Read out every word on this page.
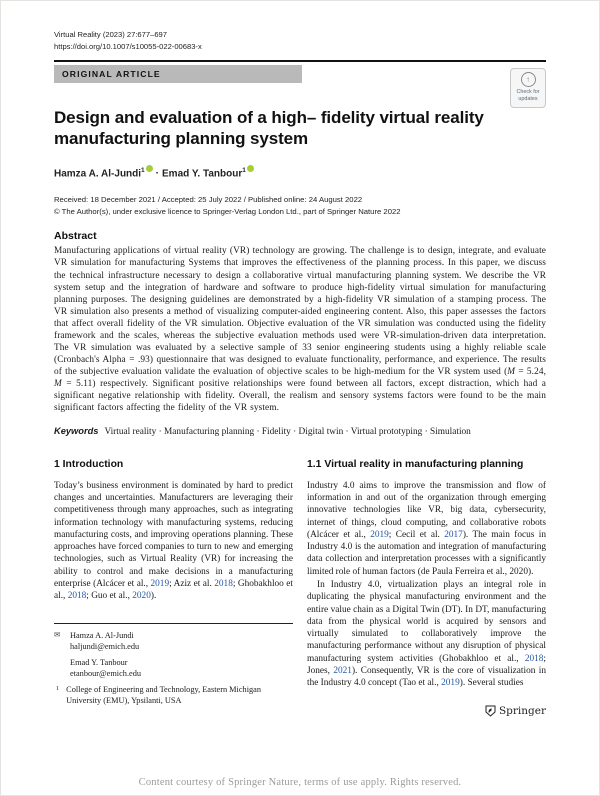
Virtual Reality (2023) 27:677–697
https://doi.org/10.1007/s10055-022-00683-x
ORIGINAL ARTICLE
↑
Check for
updates
Design and evaluation of a high– fidelity virtual reality manufacturing planning system
Hamza A. Al-Jundi$^1$ · Emad Y. Tanbour$^1$
Received: 18 December 2021 / Accepted: 25 July 2022 / Published online: 24 August 2022
© The Author(s), under exclusive licence to Springer-Verlag London Ltd., part of Springer Nature 2022
Abstract

Manufacturing applications of virtual reality (VR) technology are growing. The challenge is to design, integrate, and evaluate VR simulation for manufacturing Systems that improves the effectiveness of the planning process. In this paper, we discuss the technical infrastructure necessary to design a collaborative virtual manufacturing planning system. We describe the VR system setup and the integration of hardware and software to produce high-fidelity virtual simulation for manufacturing planning purposes. The designing guidelines are demonstrated by a high-fidelity VR simulation of a stamping process. The VR simulation also presents a method of visualizing computer-aided engineering content. Also, this paper assesses the factors that affect overall fidelity of the VR simulation. Objective evaluation of the VR simulation was conducted using the fidelity framework and the scales, whereas the subjective evaluation methods used were VR-simulation-driven data interpretation. The VR simulation was evaluated by a selective sample of 33 senior engineering students using a highly reliable scale (Cronbach's Alpha = .93) questionnaire that was designed to evaluate functionality, performance, and experience. The results of the subjective evaluation validate the evaluation of objective scales to be high-medium for the VR system used (M = 5.24, M = 5.11) respectively. Significant positive relationships were found between all factors, except distraction, which had a significant negative relationship with fidelity. Overall, the realism and sensory systems factors were found to be the main significant factors affecting the fidelity of the VR system.

Keywords Virtual reality · Manufacturing planning · Fidelity · Digital twin · Virtual prototyping · Simulation

1 Introduction

Today’s business environment is dominated by hard to predict changes and uncertainties. Manufacturers are leveraging their competitiveness through many approaches, such as integrating information technology with manufacturing systems, reducing manufacturing costs, and improving operations planning. These approaches have forced companies to turn to new and emerging technologies, such as Virtual Reality (VR) for increasing the ability to control and make decisions in a manufacturing enterprise (Alcácer et al., 2019; Aziz et al. 2018; Ghobakhloo et al., 2018; Guo et al., 2020).

✉	Hamza A. Al-Jundi
haljundi@emich.edu
Emad Y. Tanbour
etanbour@emich.edu
1 College of Engineering and Technology, Eastern Michigan University (EMU), Ypsilanti, USA
1.1 Virtual reality in manufacturing planning

Industry 4.0 aims to improve the transmission and flow of information in and out of the organization through emerging innovative technologies like VR, big data, cybersecurity, internet of things, cloud computing, and collaborative robots (Alcácer et al., 2019; Cecil et al. 2017). The main focus in Industry 4.0 is the automation and integration of manufacturing data collection and interpretation processes with a significantly limited role of human factors (de Paula Ferreira et al., 2020).

In Industry 4.0, virtualization plays an integral role in duplicating the physical manufacturing environment and the entire value chain as a Digital Twin (DT). In DT, manufacturing data from the physical world is acquired by sensors and virtually simulated to collaboratively improve the manufacturing performance without any disruption of physical manufacturing system activities (Ghobakhloo et al., 2018; Jones, 2021). Consequently, VR is the core of visualization in the Industry 4.0 concept (Tao et al., 2019). Several studies

Springer
Content courtesy of Springer Nature, terms of use apply. Rights reserved.
